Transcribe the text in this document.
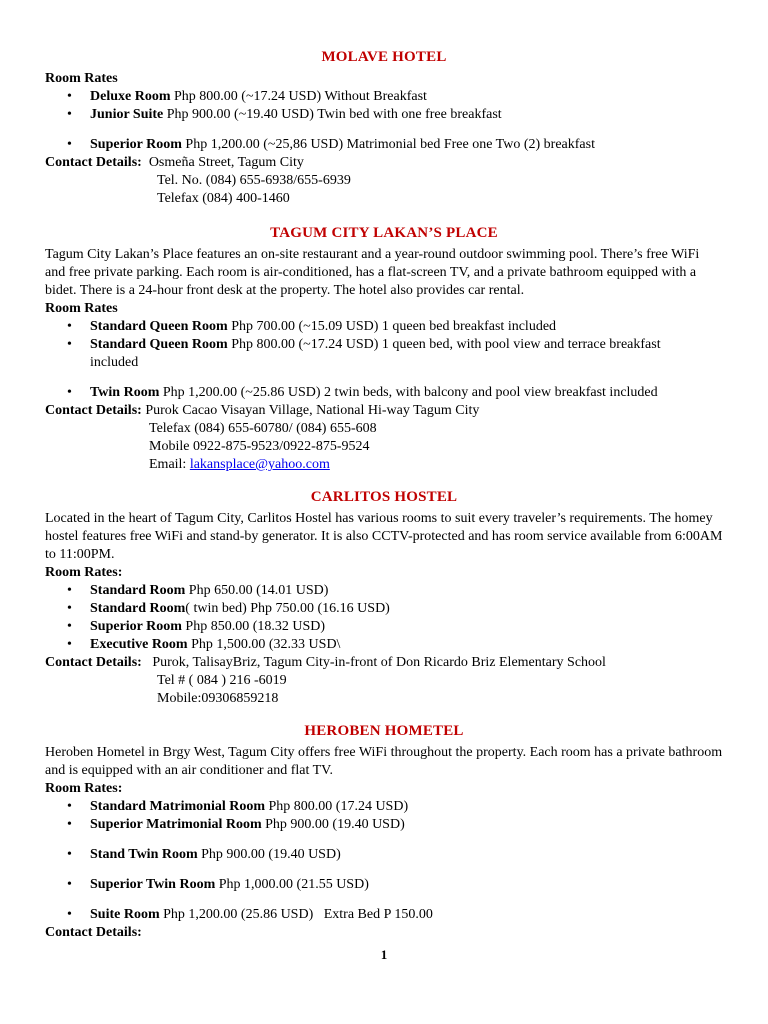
MOLAVE HOTEL
Room Rates
• Deluxe Room Php 800.00 (~17.24 USD) Without Breakfast
• Junior Suite Php 900.00 (~19.40 USD) Twin bed with one free breakfast
• Superior Room Php 1,200.00 (~25,86 USD) Matrimonial bed Free one Two (2) breakfast
Contact Details:  Osmeña Street, Tagum City
Tel. No. (084) 655-6938/655-6939
Telefax (084) 400-1460
TAGUM CITY LAKAN’S PLACE

Tagum City Lakan’s Place features an on-site restaurant and a year-round outdoor swimming pool. There’s free WiFi and free private parking. Each room is air-conditioned, has a flat-screen TV, and a private bathroom equipped with a bidet. There is a 24-hour front desk at the property. The hotel also provides car rental.

Room Rates
• Standard Queen Room Php 700.00 (~15.09 USD) 1 queen bed breakfast included
• Standard Queen Room Php 800.00 (~17.24 USD) 1 queen bed, with pool view and terrace breakfast included
• Twin Room Php 1,200.00 (~25.86 USD) 2 twin beds, with balcony and pool view breakfast included
Contact Details: Purok Cacao Visayan Village, National Hi-way Tagum City
Telefax (084) 655-60780/ (084) 655-608
Mobile 0922-875-9523/0922-875-9524
Email: lakansplace@yahoo.com
CARLITOS HOSTEL

Located in the heart of Tagum City, Carlitos Hostel has various rooms to suit every traveler’s requirements. The homey hostel features free WiFi and stand-by generator. It is also CCTV-protected and has room service available from 6:00AM to 11:00PM.

Room Rates:
• Standard Room Php 650.00 (14.01 USD)
• Standard Room( twin bed) Php 750.00 (16.16 USD)
• Superior Room Php 850.00 (18.32 USD)
• Executive Room Php 1,500.00 (32.33 USD\
Contact Details:   Purok, TalisayBriz, Tagum City-in-front of Don Ricardo Briz Elementary School
Tel # ( 084 ) 216 -6019
Mobile:09306859218
HEROBEN HOMETEL

Heroben Hometel in Brgy West, Tagum City offers free WiFi throughout the property. Each room has a private bathroom and is equipped with an air conditioner and flat TV.

Room Rates:
• Standard Matrimonial Room Php 800.00 (17.24 USD)
• Superior Matrimonial Room Php 900.00 (19.40 USD)
• Stand Twin Room Php 900.00 (19.40 USD)
• Superior Twin Room Php 1,000.00 (21.55 USD)
• Suite Room Php 1,200.00 (25.86 USD)   Extra Bed P 150.00
Contact Details:
1
